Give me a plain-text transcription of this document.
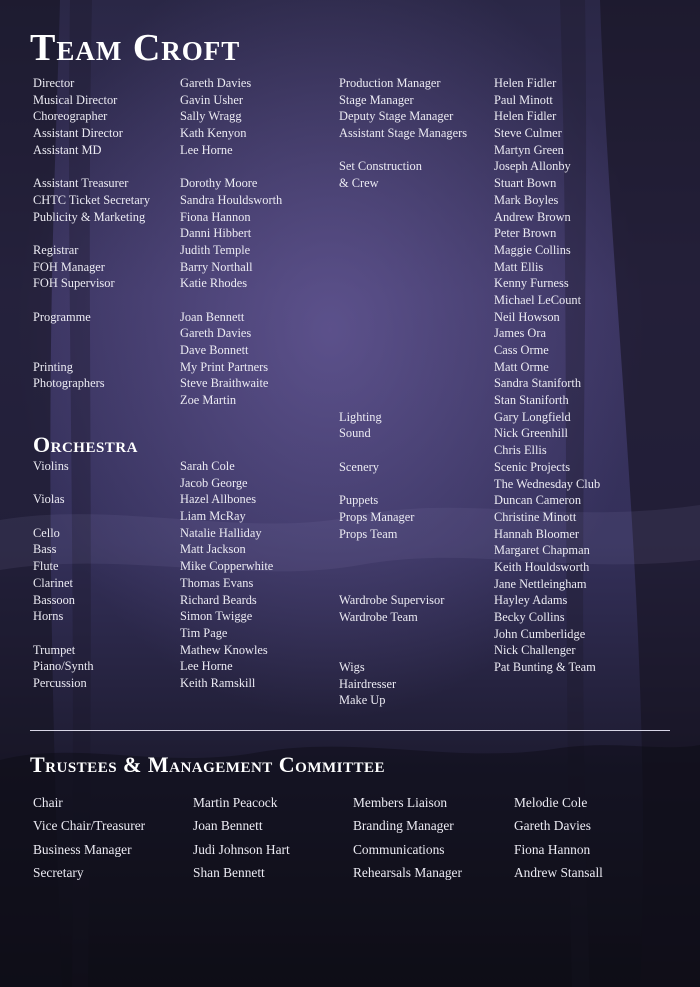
Team Croft
Director
Musical Director
Choreographer
Assistant Director
Assistant MD
Assistant Treasurer
CHTC Ticket Secretary
Publicity & Marketing
Registrar
FOH Manager
FOH Supervisor
Programme
Printing
Photographers
Gareth Davies
Gavin Usher
Sally Wragg
Kath Kenyon
Lee Horne
Dorothy Moore
Sandra Houldsworth
Fiona Hannon
Danni Hibbert
Judith Temple
Barry Northall
Katie Rhodes
Joan Bennett
Gareth Davies
Dave Bonnett
My Print Partners
Steve Braithwaite
Zoe Martin
Orchestra
Violins
Violas
Cello
Bass
Flute
Clarinet
Bassoon
Horns
Trumpet
Piano/Synth
Percussion
Sarah Cole
Jacob George
Hazel Allbones
Liam McRay
Natalie Halliday
Matt Jackson
Mike Copperwhite
Thomas Evans
Richard Beards
Simon Twigge
Tim Page
Mathew Knowles
Lee Horne
Keith Ramskill
Production Manager
Stage Manager
Deputy Stage Manager
Assistant Stage Managers
Set Construction
& Crew
Lighting
Sound
Scenery
Puppets
Props Manager
Props Team
Wardrobe Supervisor
Wardrobe Team
Wigs
Hairdresser
Make Up
Helen Fidler
Paul Minott
Helen Fidler
Steve Culmer
Martyn Green
Joseph Allonby
Stuart Bown
Mark Boyles
Andrew Brown
Peter Brown
Maggie Collins
Matt Ellis
Kenny Furness
Michael LeCount
Neil Howson
James Ora
Cass Orme
Matt Orme
Sandra Staniforth
Stan Staniforth
Gary Longfield
Nick Greenhill
Chris Ellis
Scenic Projects
The Wednesday Club
Duncan Cameron
Christine Minott
Hannah Bloomer
Margaret Chapman
Keith Houldsworth
Jane Nettleingham
Hayley Adams
Becky Collins
John Cumberlidge
Nick Challenger
Pat Bunting & Team
Trustees & Management Committee
Chair
Vice Chair/Treasurer
Business Manager
Secretary
Martin Peacock
Joan Bennett
Judi Johnson Hart
Shan Bennett
Members Liaison
Branding Manager
Communications
Rehearsals Manager
Melodie Cole
Gareth Davies
Fiona Hannon
Andrew Stansall
